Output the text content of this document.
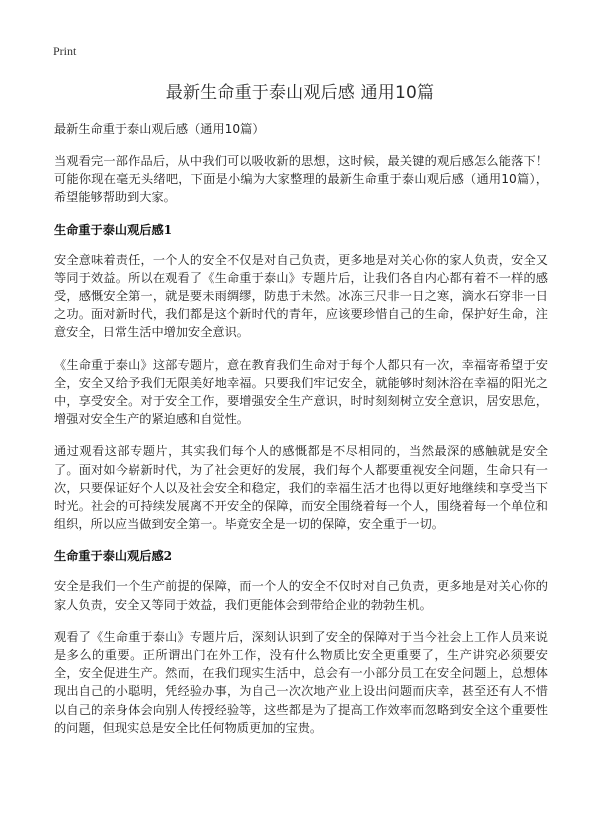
Print
最新生命重于泰山观后感 通用10篇

最新生命重于泰山观后感（通用10篇）

当观看完一部作品后，从中我们可以吸收新的思想，这时候，最关键的观后感怎么能落下！可能你现在毫无头绪吧，下面是小编为大家整理的最新生命重于泰山观后感（通用10篇），希望能够帮助到大家。

生命重于泰山观后感1

安全意味着责任，一个人的安全不仅是对自己负责，更多地是对关心你的家人负责，安全又等同于效益。所以在观看了《生命重于泰山》专题片后，让我们各自内心都有着不一样的感受，感慨安全第一，就是要未雨绸缪，防患于未然。冰冻三尺非一日之寒，滴水石穿非一日之功。面对新时代，我们都是这个新时代的青年，应该要珍惜自己的生命，保护好生命，注意安全，日常生活中增加安全意识。

《生命重于泰山》这部专题片，意在教育我们生命对于每个人都只有一次，幸福寄希望于安全，安全又给予我们无限美好地幸福。只要我们牢记安全，就能够时刻沐浴在幸福的阳光之中，享受安全。对于安全工作，要增强安全生产意识，时时刻刻树立安全意识，居安思危，增强对安全生产的紧迫感和自觉性。

通过观看这部专题片，其实我们每个人的感慨都是不尽相同的，当然最深的感触就是安全了。面对如今崭新时代，为了社会更好的发展，我们每个人都要重视安全问题，生命只有一次，只要保证好个人以及社会安全和稳定，我们的幸福生活才也得以更好地继续和享受当下时光。社会的可持续发展离不开安全的保障，而安全围绕着每一个人，围绕着每一个单位和组织，所以应当做到安全第一。毕竟安全是一切的保障，安全重于一切。

生命重于泰山观后感2

安全是我们一个生产前提的保障，而一个人的安全不仅时对自己负责，更多地是对关心你的家人负责，安全又等同于效益，我们更能体会到带给企业的勃勃生机。

观看了《生命重于泰山》专题片后，深刻认识到了安全的保障对于当今社会上工作人员来说是多么的重要。正所谓出门在外工作，没有什么物质比安全更重要了，生产讲究必须要安全，安全促进生产。然而，在我们现实生活中，总会有一小部分员工在安全问题上，总想体现出自己的小聪明，凭经验办事，为自己一次次地产业上设出问题而庆幸，甚至还有人不惜以自己的亲身体会向别人传授经验等，这些都是为了提高工作效率而忽略到安全这个重要性的问题，但现实总是安全比任何物质更加的宝贵。
